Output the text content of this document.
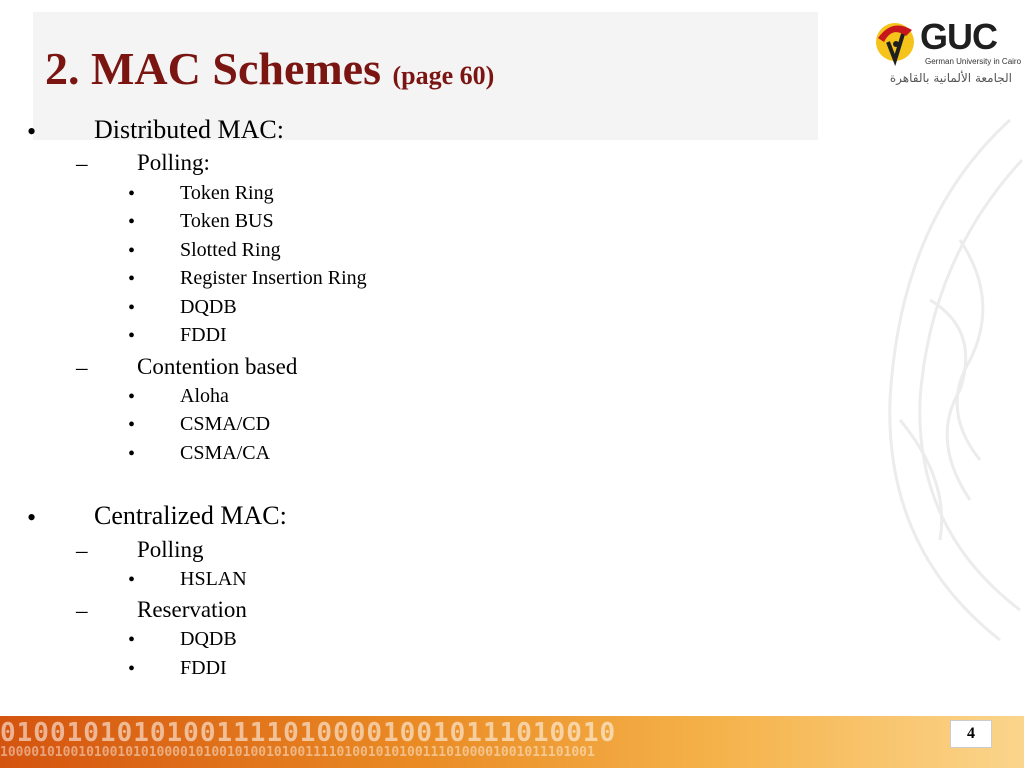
2. MAC Schemes (page 60)
GUC
German University in Cairo
الجامعة الألمانية بالقاهرة
• Distributed MAC:
– Polling:
• Token Ring
• Token BUS
• Slotted Ring
• Register Insertion Ring
• DQDB
• FDDI
– Contention based
• Aloha
• CSMA/CD
• CSMA/CA
• Centralized MAC:
– Polling
• HSLAN
– Reservation
• DQDB
• FDDI
0100101010100111101000010010111010010
1000010100101001010100001010010100101001111010010101001110100001001011101001
4
